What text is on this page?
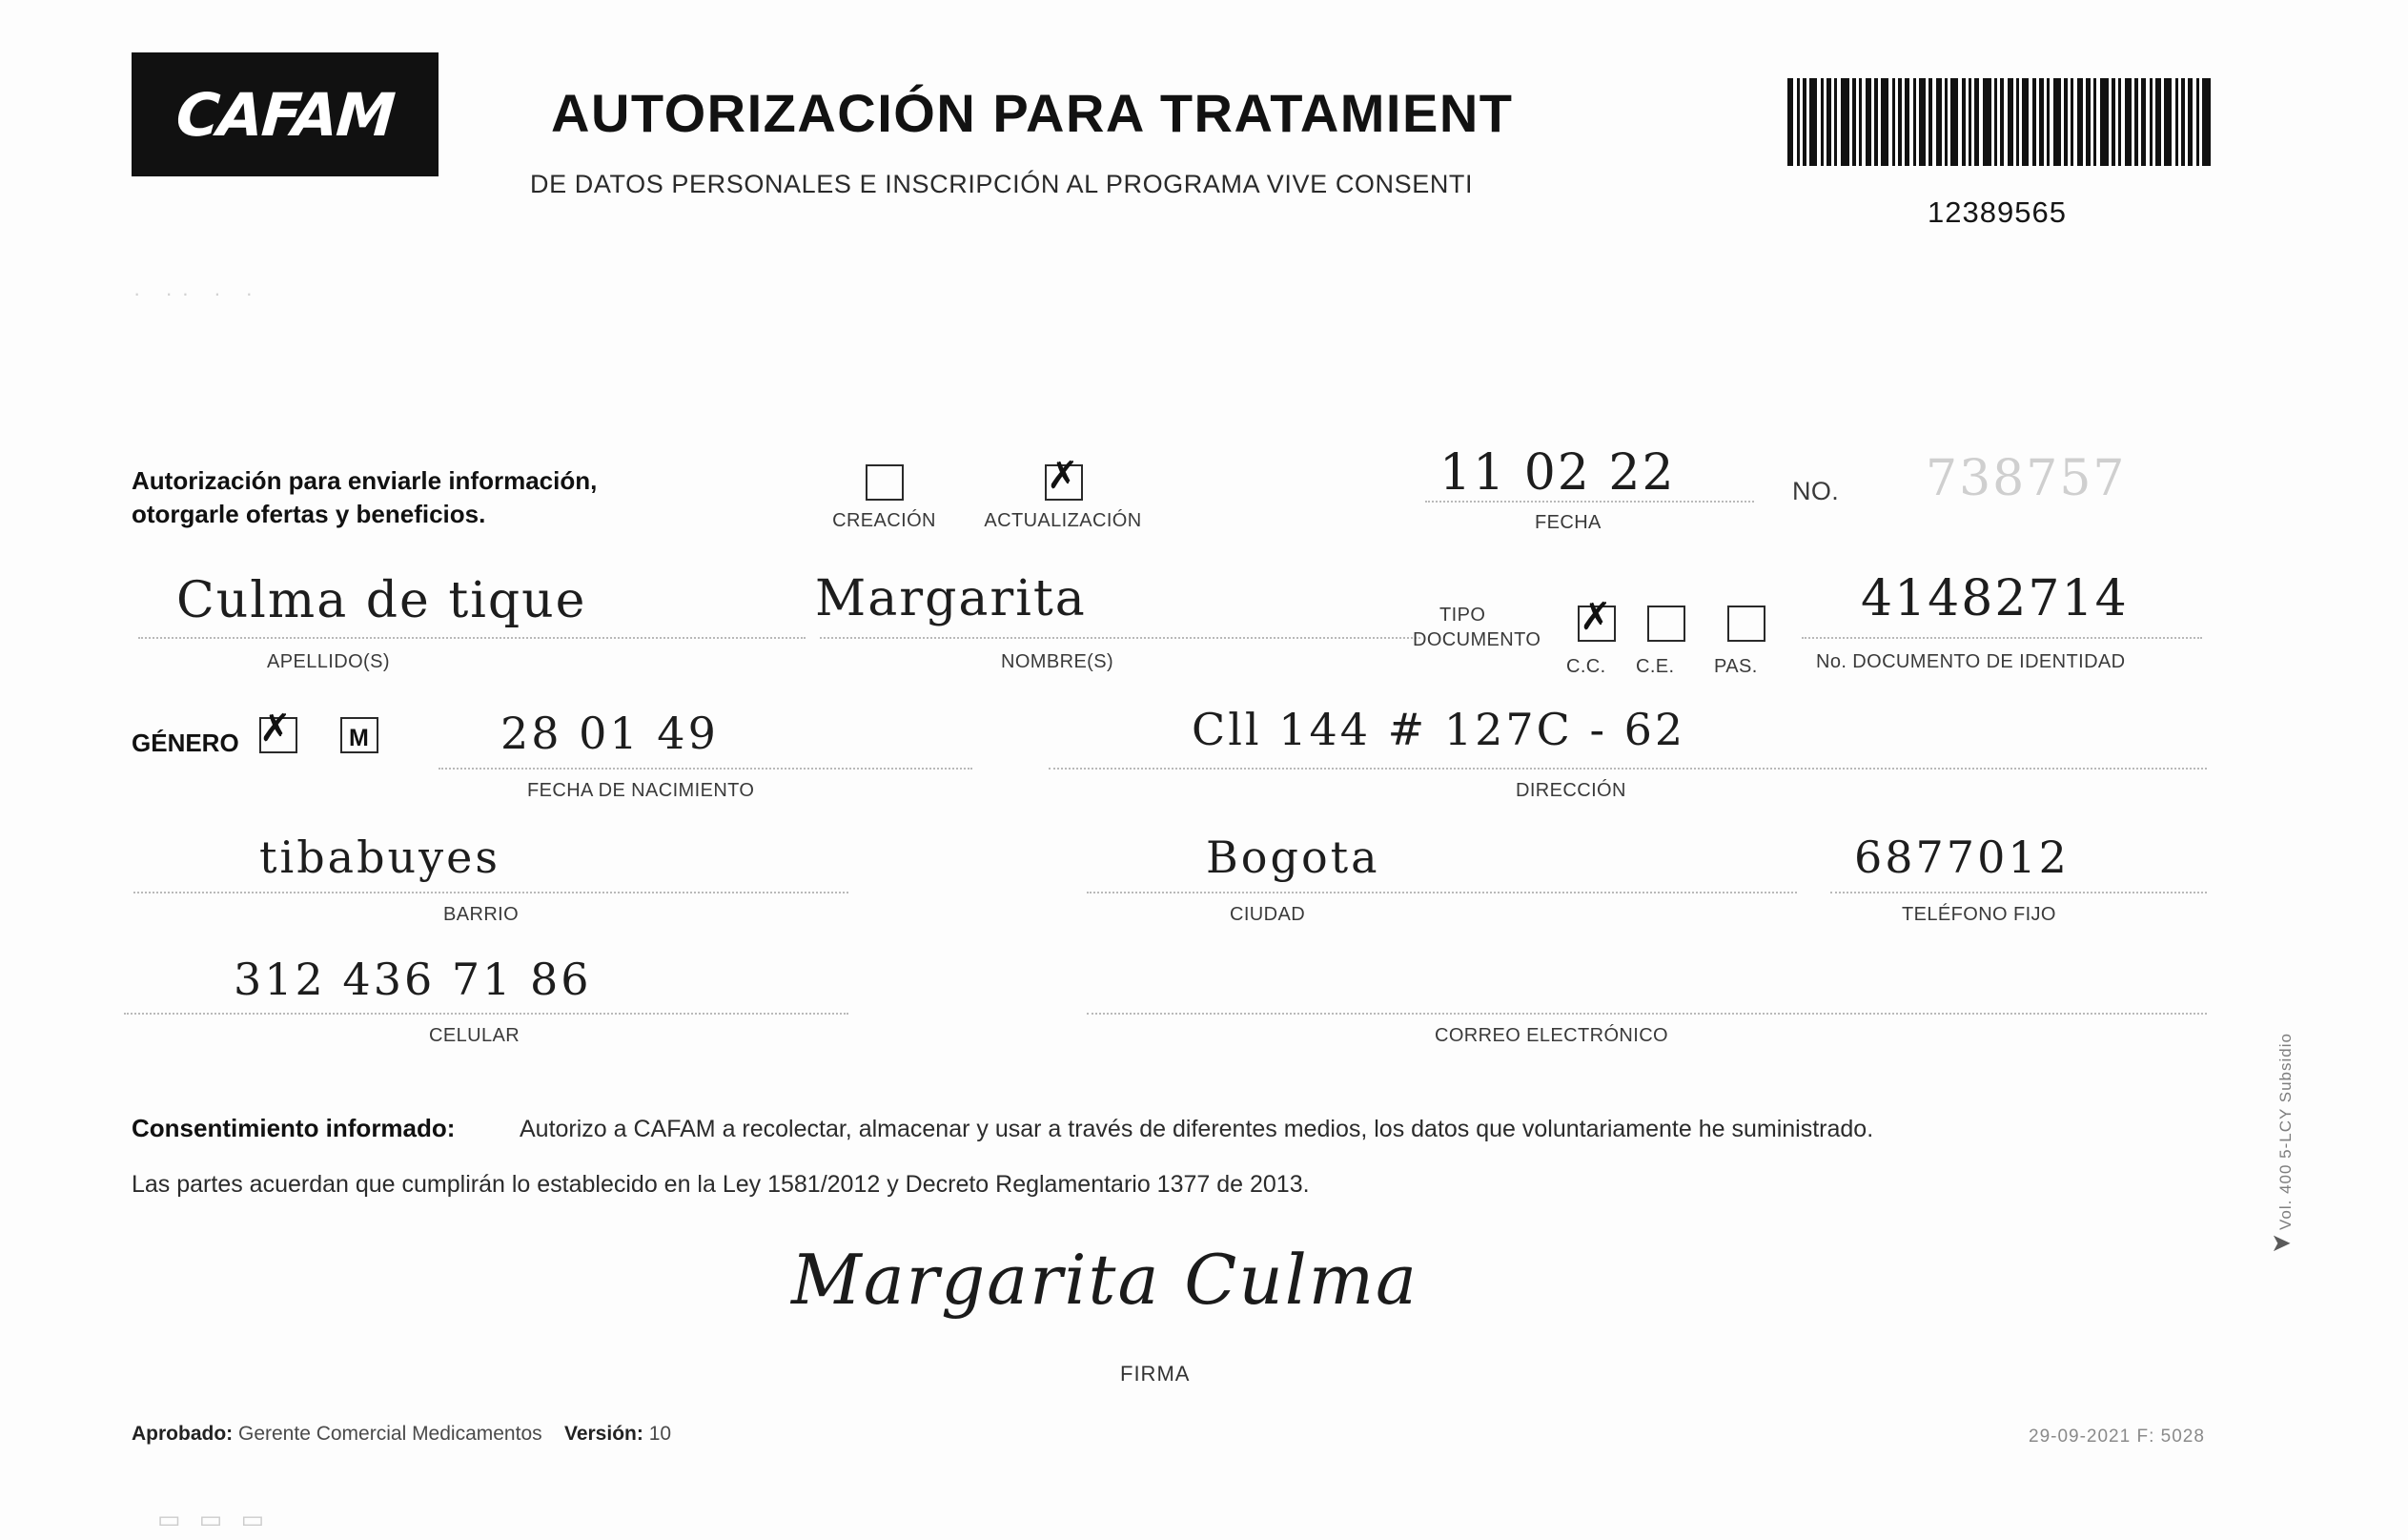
CAFAM	AUTORIZACIÓN PARA TRATAMIENT
DE DATOS PERSONALES E INSCRIPCIÓN AL PROGRAMA VIVE CONSENTI
12389565
· ·· · ·
Autorización para enviarle información,
otorgarle ofertas y beneficios.	CREACIÓN
✗
ACTUALIZACIÓN
11 02 22
FECHA
NO. 738757
Culma de tique
APELLIDO(S)
Margarita
NOMBRE(S)
TIPO
DOCUMENTO
✗
C.C. C.E. PAS.
41482714
No. DOCUMENTO DE IDENTIDAD
GÉNERO ✗ M	28 01 49
FECHA DE NACIMIENTO
Cll 144 # 127C - 62
DIRECCIÓN
tibabuyes
BARRIO
Bogota
CIUDAD
6877012
TELÉFONO FIJO
312 436 71 86
CELULAR	CORREO ELECTRÓNICO
Consentimiento informado:	Autorizo a CAFAM a recolectar, almacenar y usar a través de diferentes medios, los datos que voluntariamente he suministrado.
Las partes acuerdan que cumplirán lo establecido en la Ley 1581/2012 y Decreto Reglamentario 1377 de 2013.
Margarita Culma
FIRMA
Aprobado: Gerente Comercial Medicamentos Versión: 10	29-09-2021 F: 5028
➤
Vol. 400 5-LCY Subsidio
▭ ▭ ▭
